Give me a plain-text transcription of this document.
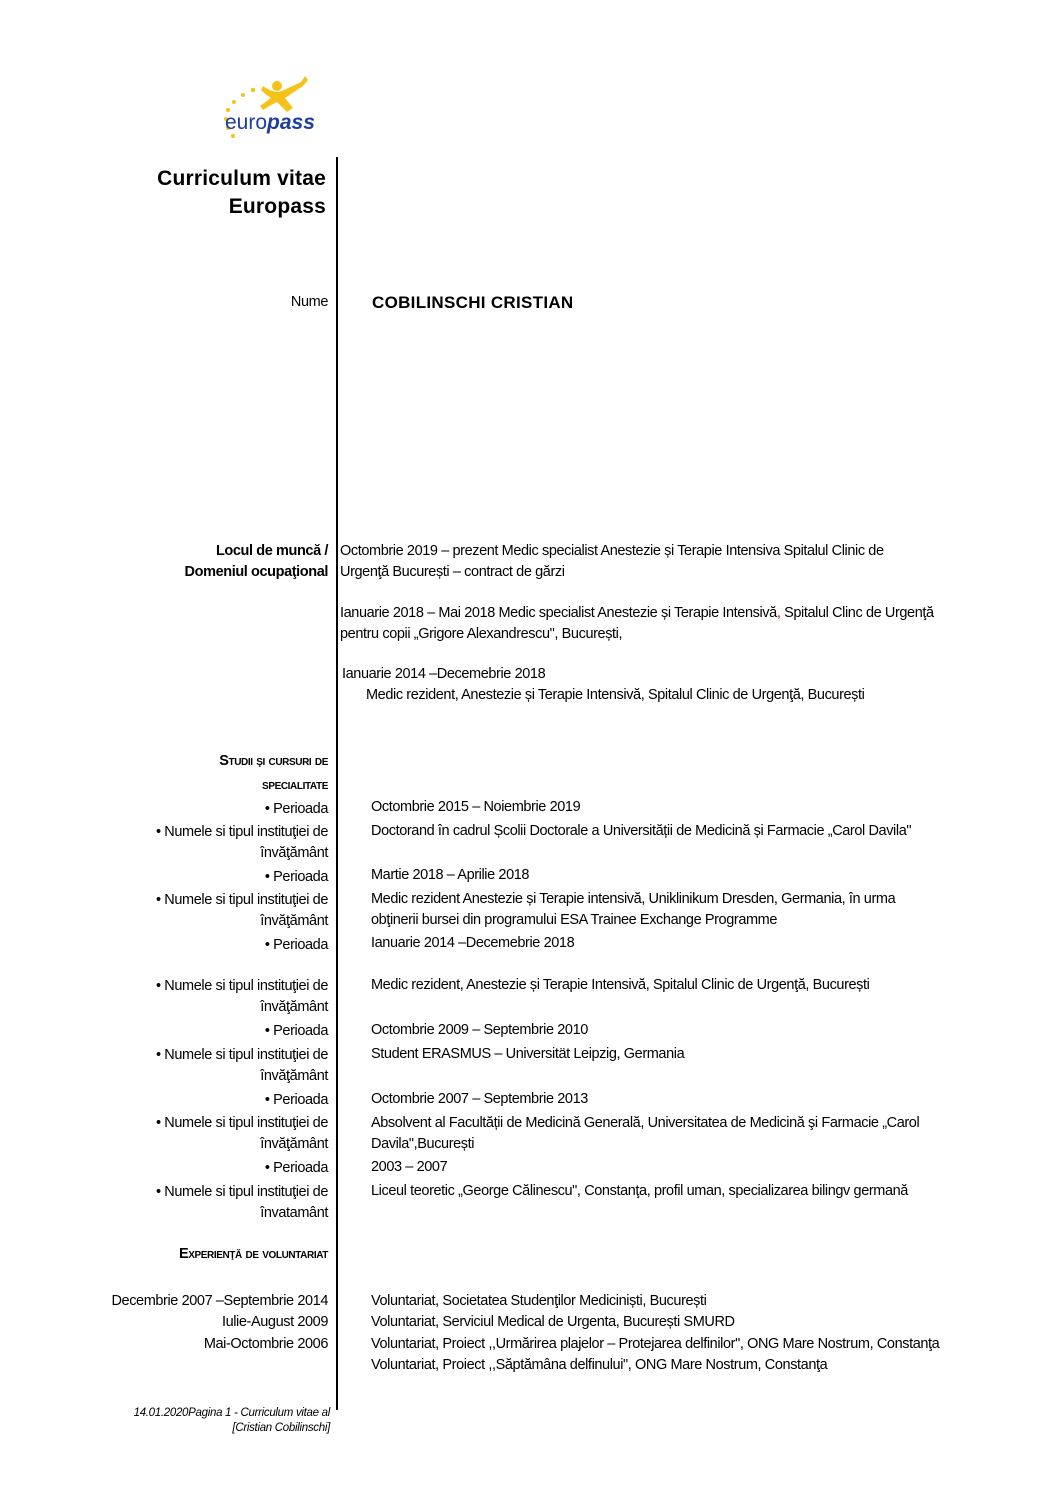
europass
Curriculum vitae
Europass
Nume	COBILINSCHI CRISTIAN
Locul de muncă /
Domeniul ocupaţional
Octombrie 2019 – prezent Medic specialist Anestezie și Terapie Intensiva Spitalul Clinic de
Urgenţă București – contract de gărzi
Ianuarie 2018 – Mai 2018 Medic specialist Anestezie și Terapie Intensivă, Spitalul Clinc de Urgenţă
pentru copii „Grigore Alexandrescu", București,
Ianuarie 2014 –Decemebrie 2018
Medic rezident, Anestezie și Terapie Intensivă, Spitalul Clinic de Urgenţă, București
Studii şi cursuri de
specialitate
• Perioada	Octombrie 2015 – Noiembrie 2019
• Numele si tipul instituţiei de
învăţământ
Doctorand în cadrul Școlii Doctorale a Universității de Medicină și Farmacie „Carol Davila"
• Perioada	Martie 2018 – Aprilie 2018
• Numele si tipul instituţiei de
învăţământ
Medic rezident Anestezie și Terapie intensivă, Uniklinikum Dresden, Germania, în urma
obţinerii bursei din programului ESA Trainee Exchange Programme
• Perioada	Ianuarie 2014 –Decemebrie 2018
• Numele si tipul instituţiei de
învăţământ
Medic rezident, Anestezie și Terapie Intensivă, Spitalul Clinic de Urgenţă, București
• Perioada	Octombrie 2009 – Septembrie 2010
• Numele si tipul instituţiei de
învăţământ
Student ERASMUS – Universität Leipzig, Germania
• Perioada	Octombrie 2007 – Septembrie 2013
• Numele si tipul instituţiei de
învăţământ
Absolvent al Facultății de Medicină Generală, Universitatea de Medicină şi Farmacie „Carol
Davila",București
• Perioada	2003 – 2007
• Numele si tipul instituţiei de
învatamânt
Liceul teoretic „George Călinescu", Constanţa, profil uman, specializarea bilingv germană
Experienţă de voluntariat
Decembrie 2007 –Septembrie 2014	Voluntariat, Societatea Studenţilor Mediciniști, București
Iulie-August 2009	Voluntariat, Serviciul Medical de Urgenta, București SMURD
Mai-Octombrie 2006	Voluntariat, Proiect ,,Urmărirea plajelor – Protejarea delfinilor", ONG Mare Nostrum, Constanţa
Voluntariat, Proiect ,,Săptămâna delfinului", ONG Mare Nostrum, Constanţa
14.01.2020Pagina 1 - Curriculum vitae al
[Cristian Cobilinschi]
